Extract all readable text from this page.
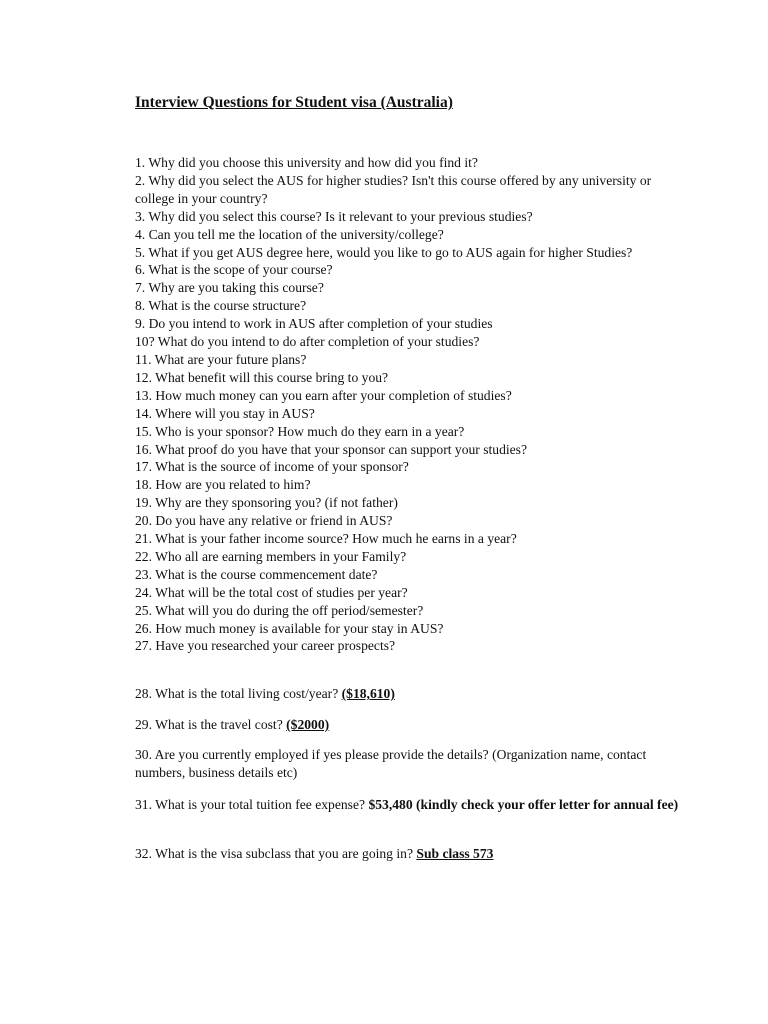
Interview Questions for Student visa (Australia)
1. Why did you choose this university and how did you find it?
2. Why did you select the AUS for higher studies? Isn't this course offered by any university or college in your country?
3. Why did you select this course? Is it relevant to your previous studies?
4. Can you tell me the location of the university/college?
5. What if you get AUS degree here, would you like to go to AUS again for higher Studies?
6. What is the scope of your course?
7. Why are you taking this course?
8. What is the course structure?
9. Do you intend to work in AUS after completion of your studies
10? What do you intend to do after completion of your studies?
11. What are your future plans?
12. What benefit will this course bring to you?
13. How much money can you earn after your completion of studies?
14. Where will you stay in AUS?
15. Who is your sponsor? How much do they earn in a year?
16. What proof do you have that your sponsor can support your studies?
17. What is the source of income of your sponsor?
18. How are you related to him?
19. Why are they sponsoring you? (if not father)
20. Do you have any relative or friend in AUS?
21. What is your father income source? How much he earns in a year?
22. Who all are earning members in your Family?
23. What is the course commencement date?
24. What will be the total cost of studies per year?
25. What will you do during the off period/semester?
26. How much money is available for your stay in AUS?
27. Have you researched your career prospects?
28. What is the total living cost/year? ($18,610)
29. What is the travel cost? ($2000)
30. Are you currently employed if yes please provide the details? (Organization name, contact numbers, business details etc)
31. What is your total tuition fee expense? $53,480 (kindly check your offer letter for annual fee)
32. What is the visa subclass that you are going in? Sub class 573
